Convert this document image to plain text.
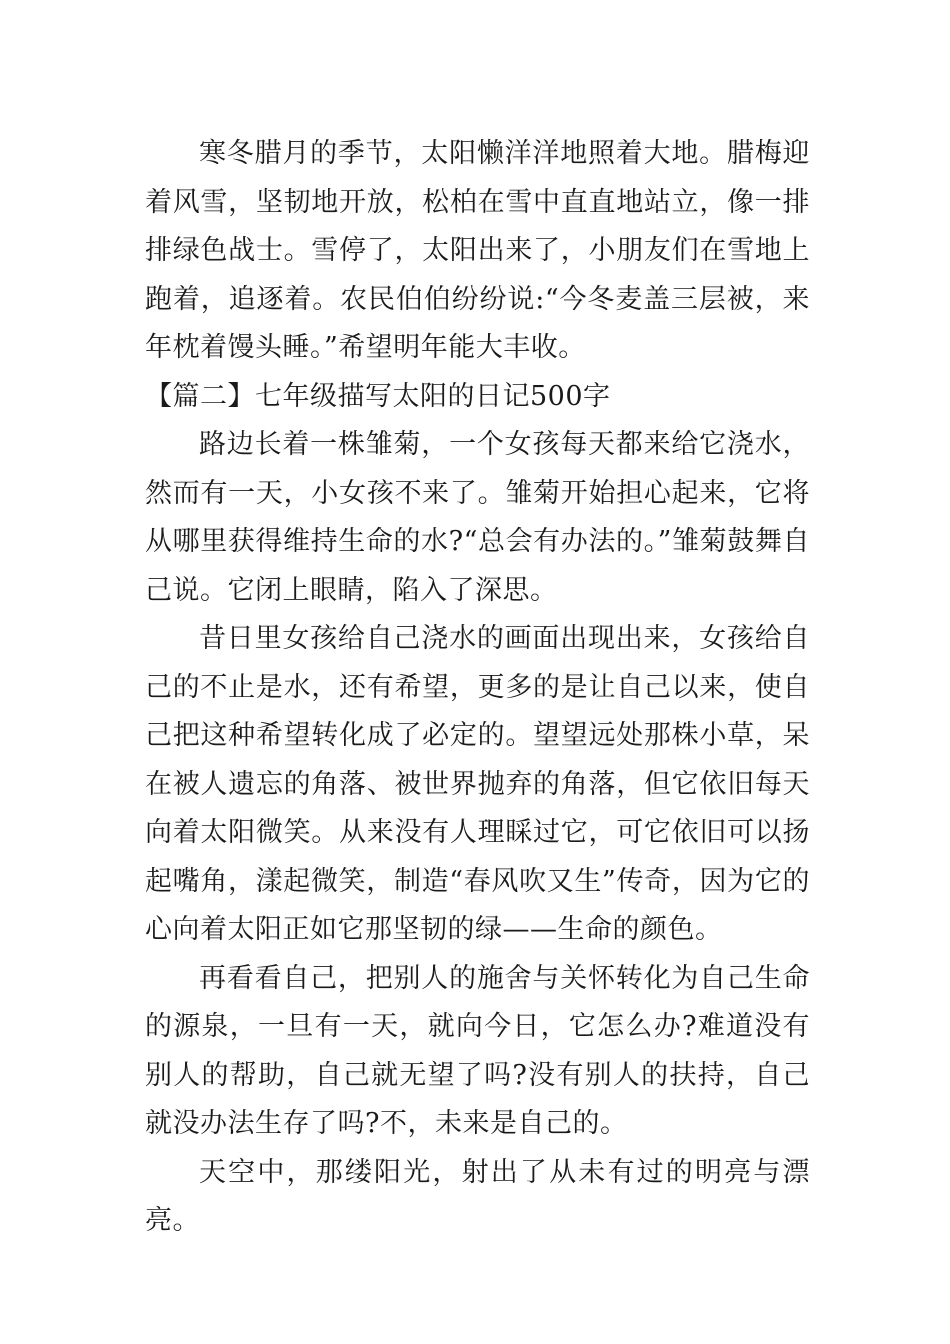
寒冬腊月的季节，太阳懒洋洋地照着大地。腊梅迎着风雪，坚韧地开放，松柏在雪中直直地站立，像一排排绿色战士。雪停了，太阳出来了，小朋友们在雪地上跑着，追逐着。农民伯伯纷纷说:“今冬麦盖三层被，来年枕着馒头睡。”希望明年能大丰收。

【篇二】七年级描写太阳的日记500字

路边长着一株雏菊，一个女孩每天都来给它浇水，然而有一天，小女孩不来了。雏菊开始担心起来，它将从哪里获得维持生命的水?“总会有办法的。”雏菊鼓舞自己说。它闭上眼睛，陷入了深思。

昔日里女孩给自己浇水的画面出现出来，女孩给自己的不止是水，还有希望，更多的是让自己以来，使自己把这种希望转化成了必定的。望望远处那株小草，呆在被人遗忘的角落、被世界抛弃的角落，但它依旧每天向着太阳微笑。从来没有人理睬过它，可它依旧可以扬起嘴角，漾起微笑，制造“春风吹又生”传奇，因为它的心向着太阳正如它那坚韧的绿——生命的颜色。

再看看自己，把别人的施舍与关怀转化为自己生命的源泉，一旦有一天，就向今日，它怎么办?难道没有别人的帮助，自己就无望了吗?没有别人的扶持，自己就没办法生存了吗?不，未来是自己的。

天空中，那缕阳光，射出了从未有过的明亮与漂亮。
